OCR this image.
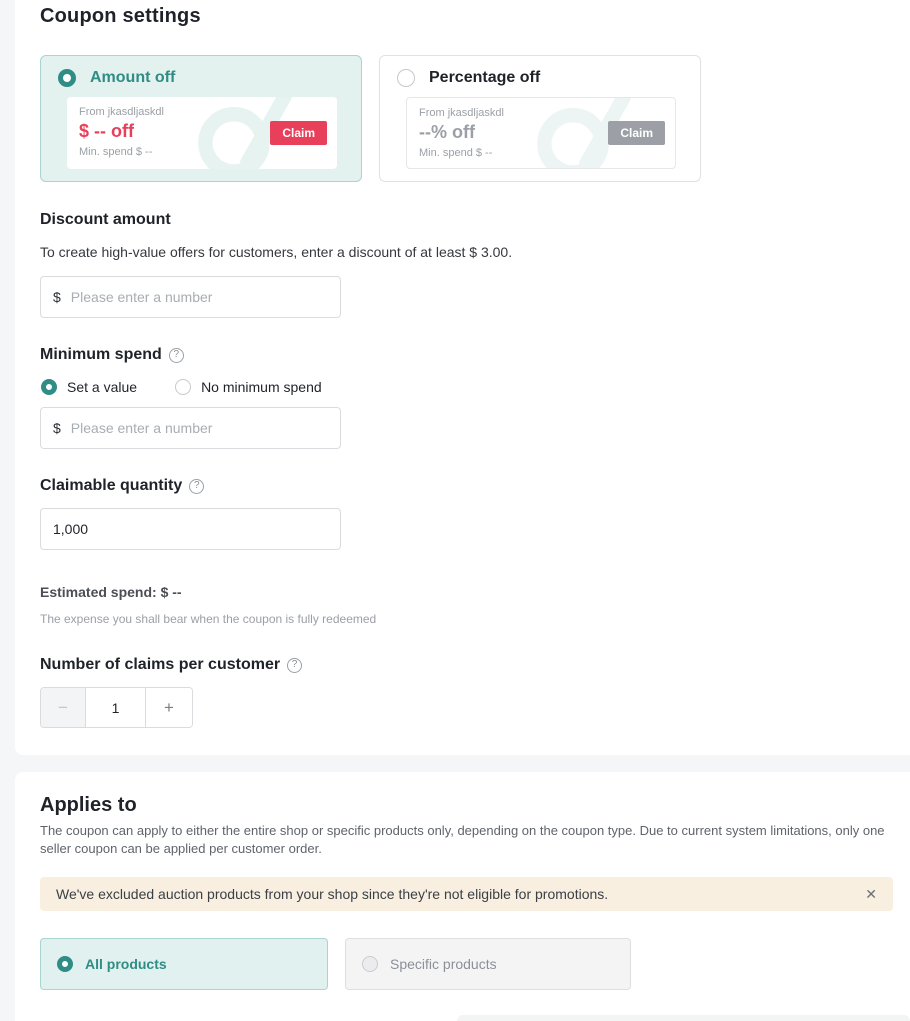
Coupon settings
Amount off
From jkasdljaskdl
$ -- off
Min. spend $ --
Claim
Percentage off
From jkasdljaskdl
--% off
Min. spend $ --
Claim
Discount amount
To create high-value offers for customers, enter a discount of at least $ 3.00.
$
Please enter a number
Minimum spend	?
Set a value	No minimum spend
$
Please enter a number
Claimable quantity	?
1,000
Estimated spend: $ --
The expense you shall bear when the coupon is fully redeemed
Number of claims per customer	?
−	1	+
Applies to

The coupon can apply to either the entire shop or specific products only, depending on the coupon type. Due to current system limitations, only one seller coupon can be applied per customer order.

We've excluded auction products from your shop since they're not eligible for promotions.	✕
All products	Specific products
